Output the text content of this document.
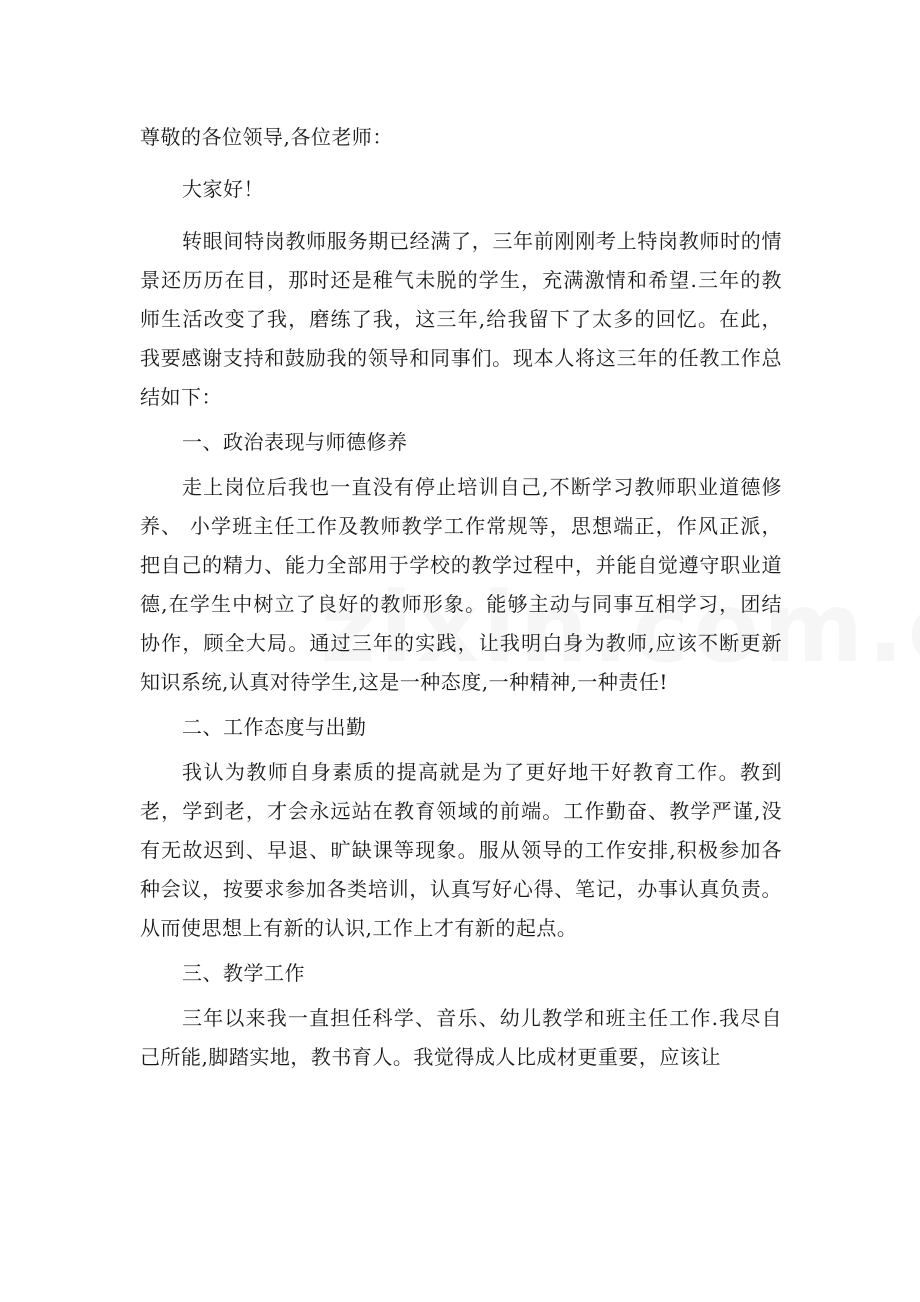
尊敬的各位领导,各位老师：

大家好！

转眼间特岗教师服务期已经满了，三年前刚刚考上特岗教师时的情景还历历在目，那时还是稚气未脱的学生，充满激情和希望.三年的教师生活改变了我，磨练了我，这三年,给我留下了太多的回忆。在此，我要感谢支持和鼓励我的领导和同事们。现本人将这三年的任教工作总结如下：

一、政治表现与师德修养

走上岗位后我也一直没有停止培训自己,不断学习教师职业道德修养、 小学班主任工作及教师教学工作常规等，思想端正，作风正派，把自己的精力、能力全部用于学校的教学过程中，并能自觉遵守职业道德,在学生中树立了良好的教师形象。能够主动与同事互相学习，团结协作，顾全大局。通过三年的实践，让我明白身为教师,应该不断更新知识系统,认真对待学生,这是一种态度,一种精神,一种责任!

二、工作态度与出勤

我认为教师自身素质的提高就是为了更好地干好教育工作。教到老，学到老，才会永远站在教育领域的前端。工作勤奋、教学严谨,没有无故迟到、早退、旷缺课等现象。服从领导的工作安排,积极参加各种会议，按要求参加各类培训，认真写好心得、笔记，办事认真负责。从而使思想上有新的认识,工作上才有新的起点。

三、教学工作

三年以来我一直担任科学、音乐、幼儿教学和班主任工作.我尽自己所能,脚踏实地，教书育人。我觉得成人比成材更重要，应该让
